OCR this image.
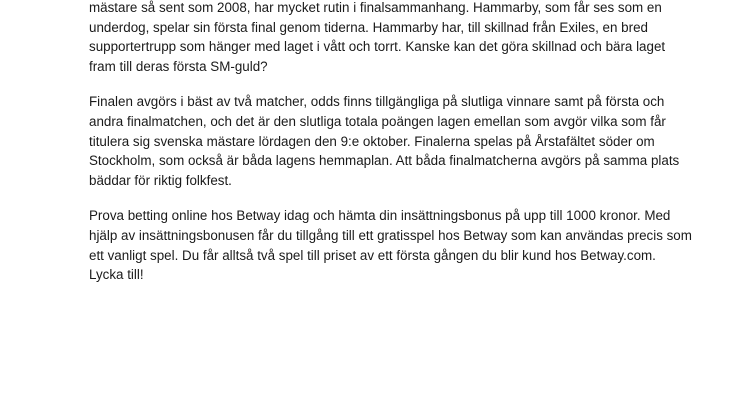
mästare så sent som 2008, har mycket rutin i finalsammanhang. Hammarby, som får ses som en
underdog, spelar sin första final genom tiderna. Hammarby har, till skillnad från Exiles, en bred
supportertrupp som hänger med laget i vått och torrt. Kanske kan det göra skillnad och bära laget
fram till deras första SM-guld?

Finalen avgörs i bäst av två matcher, odds finns tillgängliga på slutliga vinnare samt på första och
andra finalmatchen, och det är den slutliga totala poängen lagen emellan som avgör vilka som får
titulera sig svenska mästare lördagen den 9:e oktober. Finalerna spelas på Årstafältet söder om
Stockholm, som också är båda lagens hemmaplan. Att båda finalmatcherna avgörs på samma plats
bäddar för riktig folkfest.

Prova betting online hos Betway idag och hämta din insättningsbonus på upp till 1000 kronor. Med
hjälp av insättningsbonusen får du tillgång till ett gratisspel hos Betway som kan användas precis som
ett vanligt spel. Du får alltså två spel till priset av ett första gången du blir kund hos Betway.com.
Lycka till!
